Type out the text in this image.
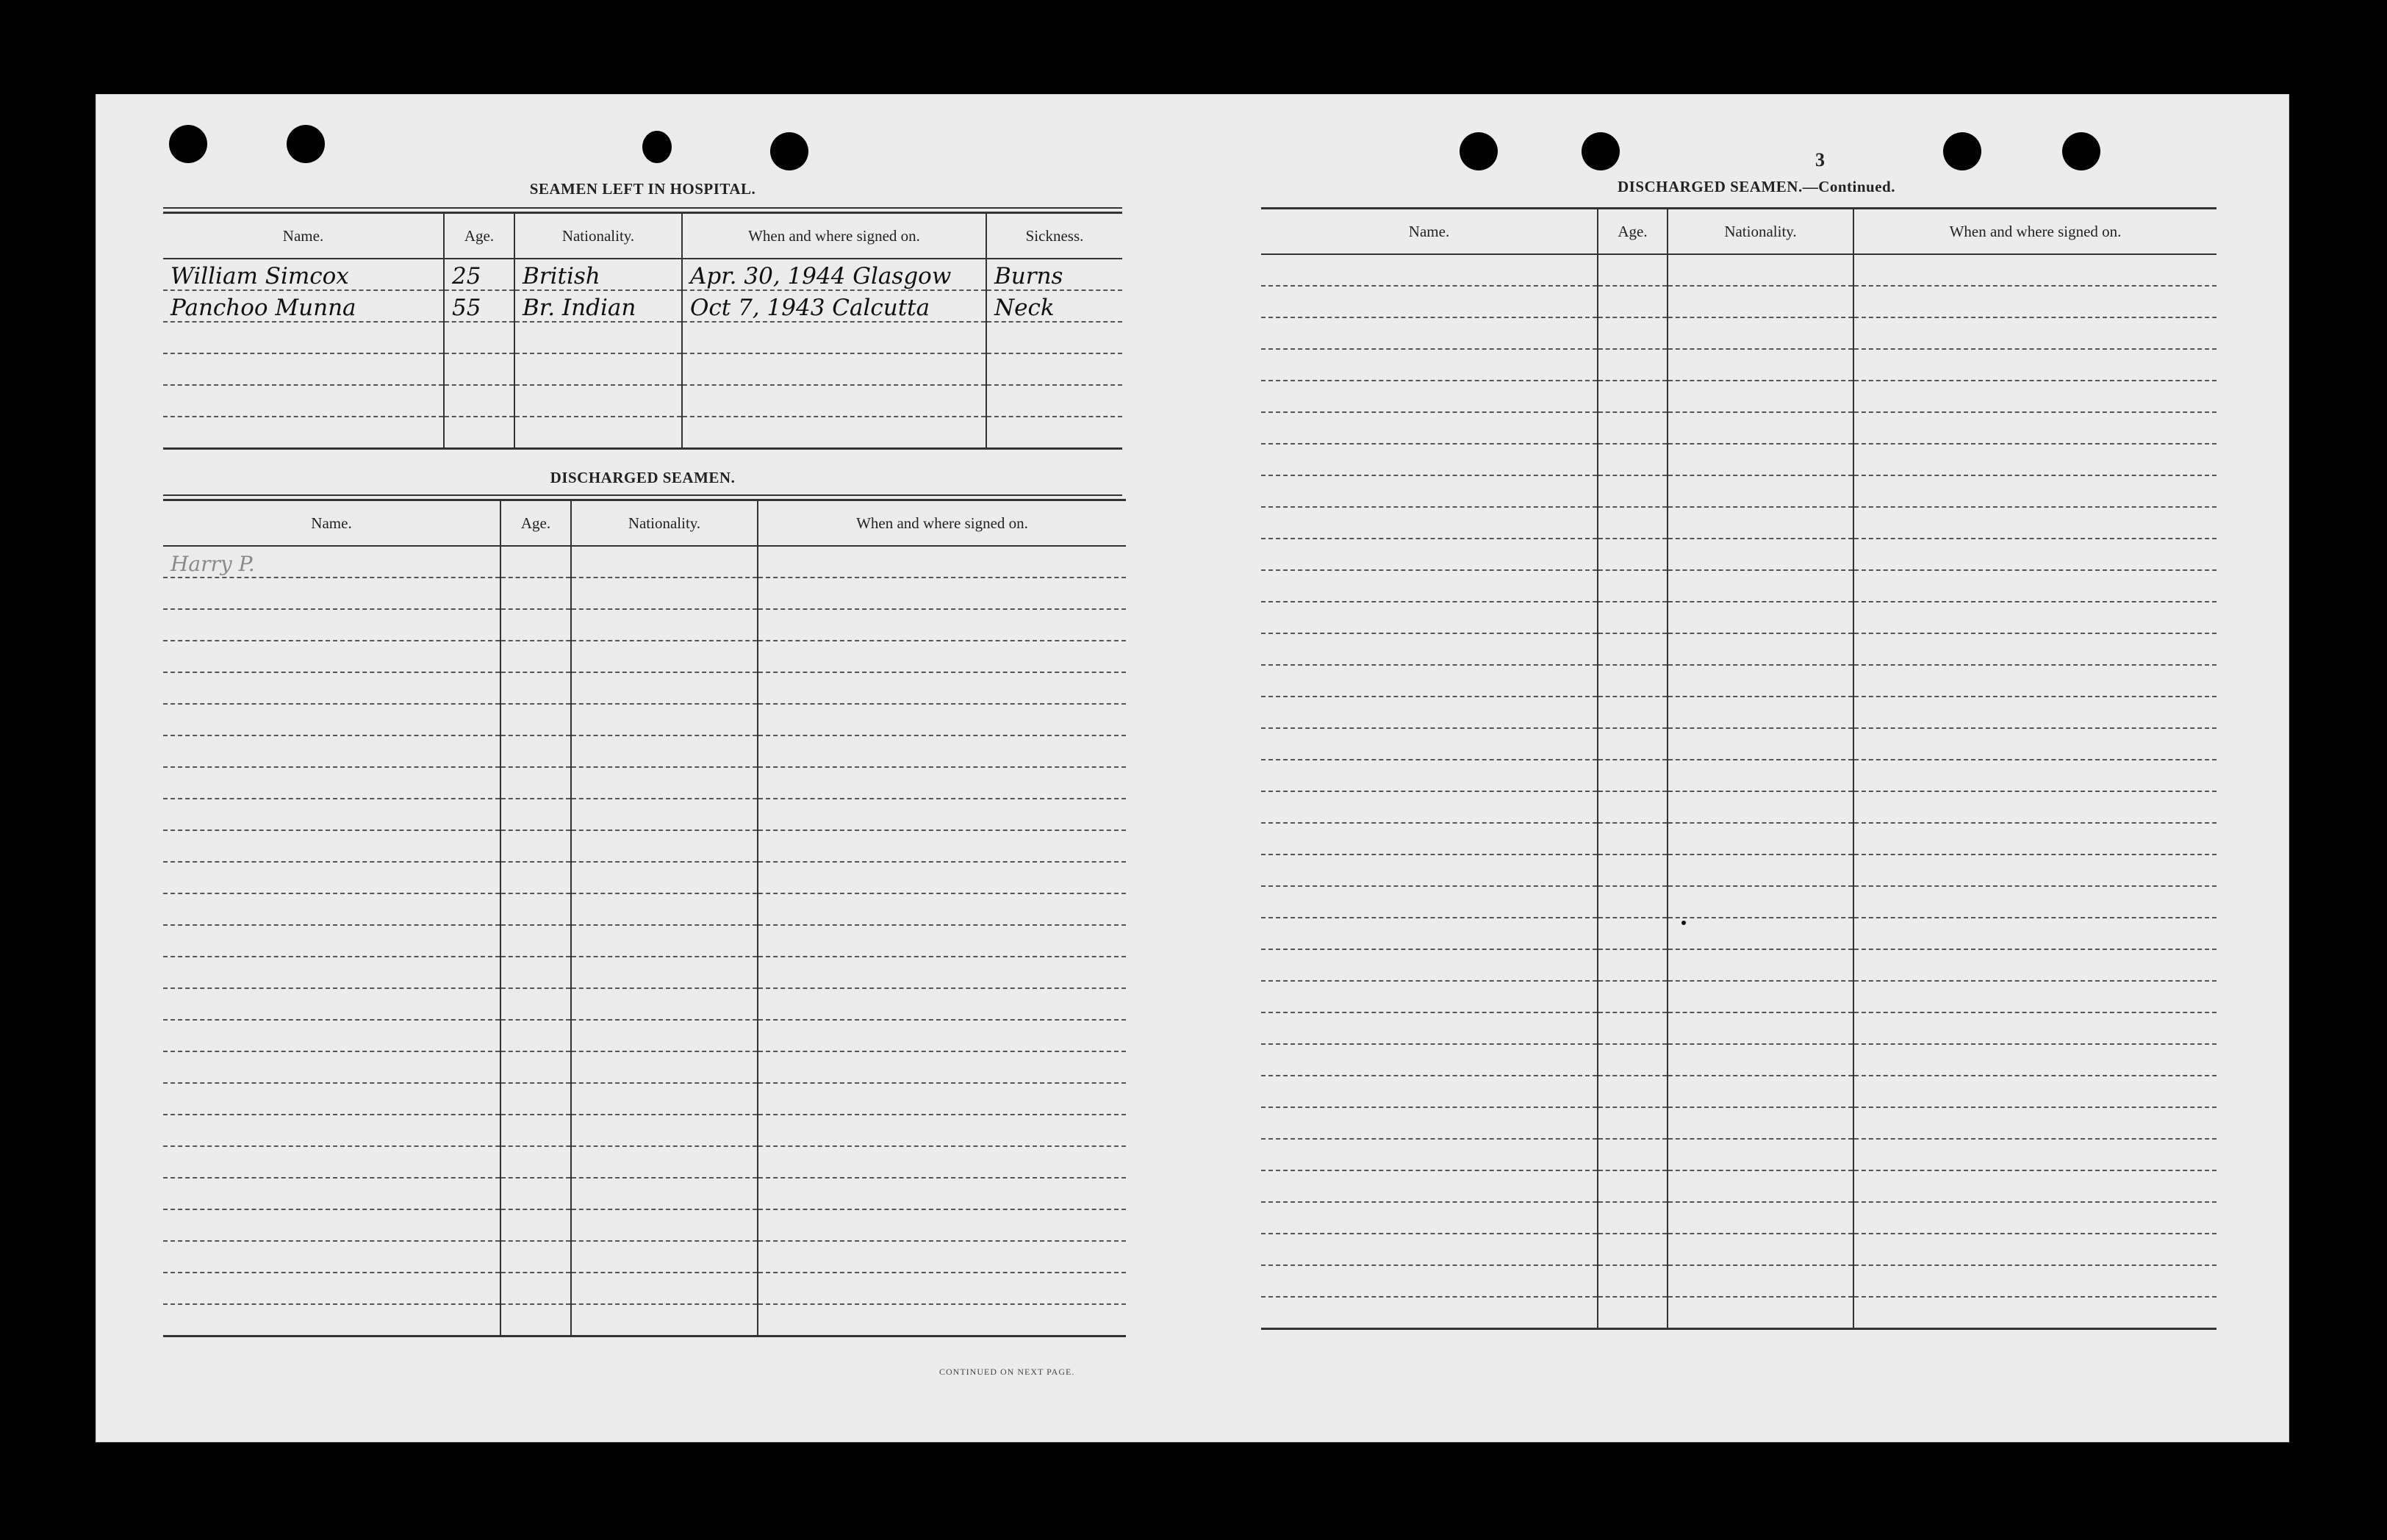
3
SEAMEN LEFT IN HOSPITAL.
Name.	Age.	Nationality.	When and where signed on.	Sickness.
William Simcox	25	British	Apr. 30, 1944 Glasgow	Burns
Panchoo Munna	55	Br. Indian	Oct 7, 1943 Calcutta	Neck

DISCHARGED SEAMEN.
Name.	Age.	Nationality.	When and where signed on.
Harry P.			

CONTINUED ON NEXT PAGE.
DISCHARGED SEAMEN.—Continued.
Name.	Age.	Nationality.	When and where signed on.
